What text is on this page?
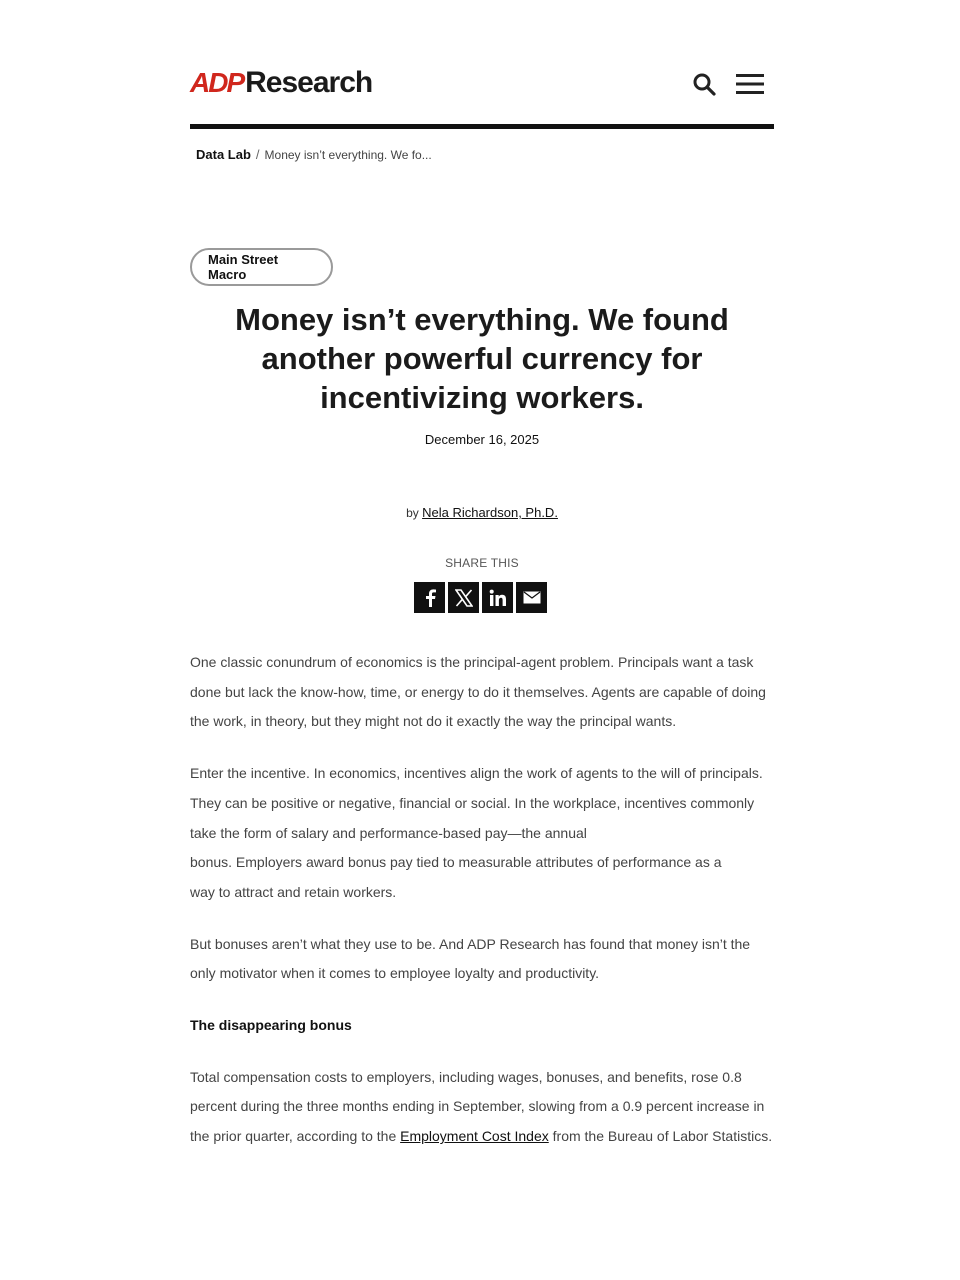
ADP Research
Data Lab / Money isn’t everything. We fo...
Main Street Macro
Money isn’t everything. We found
another powerful currency for
incentivizing workers.
December 16, 2025
by Nela Richardson, Ph.D.
SHARE THIS

One classic conundrum of economics is the principal-agent problem. Principals want a task done but lack the know-how, time, or energy to do it themselves. Agents are capable of doing the work, in theory, but they might not do it exactly the way the principal wants.

Enter the incentive. In economics, incentives align the work of agents to the will of principals.
They can be positive or negative, financial or social. In the workplace, incentives commonly
take the form of salary and performance-based pay—the annual
bonus. Employers award bonus pay tied to measurable attributes of performance as a
way to attract and retain workers.

But bonuses aren’t what they use to be. And ADP Research has found that money isn’t the only motivator when it comes to employee loyalty and productivity.

The disappearing bonus

Total compensation costs to employers, including wages, bonuses, and benefits, rose 0.8 percent during the three months ending in September, slowing from a 0.9 percent increase in the prior quarter, according to the Employment Cost Index from the Bureau of Labor Statistics.
